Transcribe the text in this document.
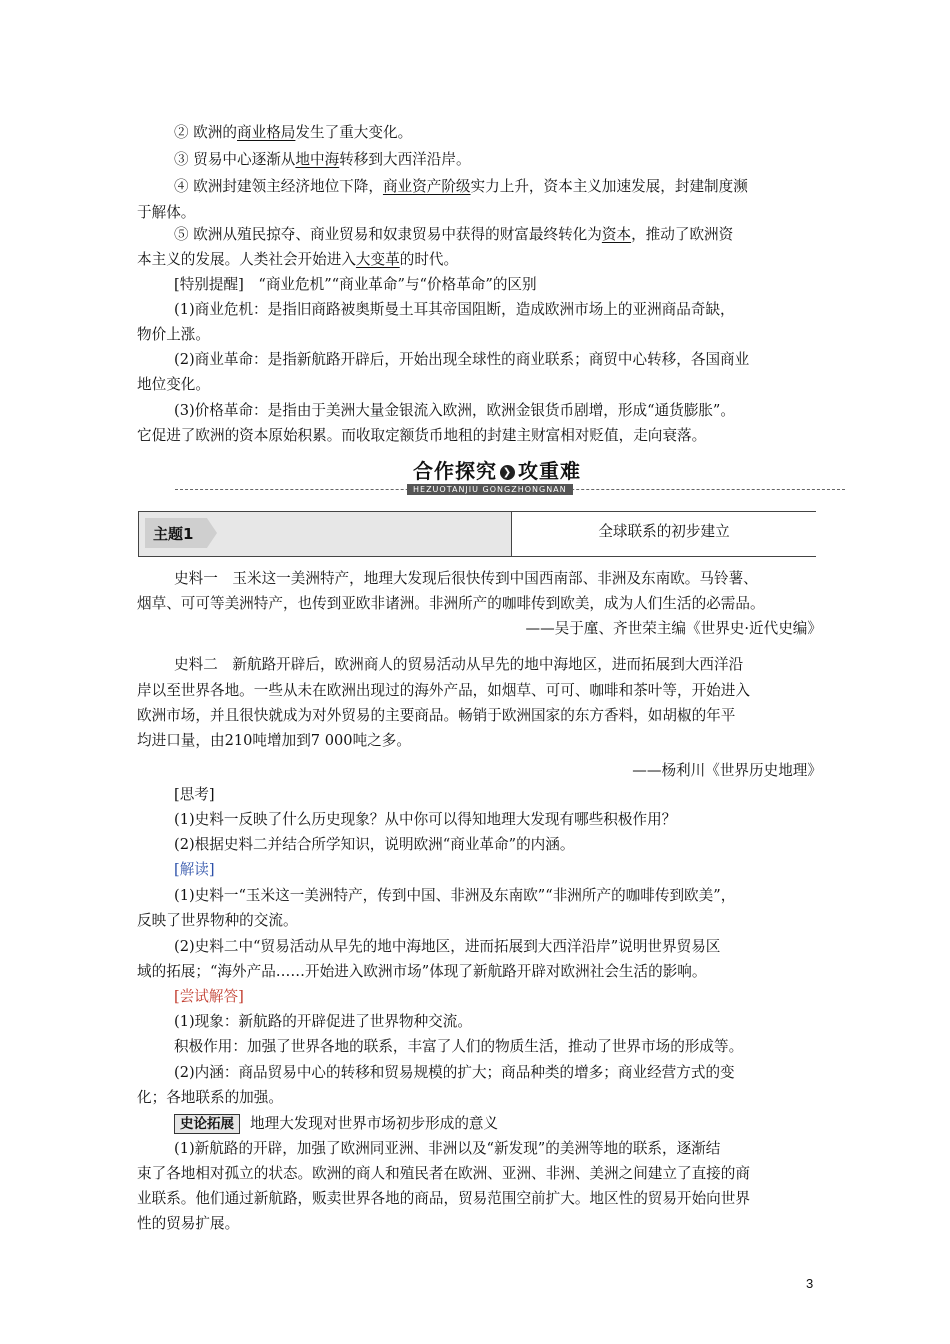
② 欧洲的商业格局发生了重大变化。
③ 贸易中心逐渐从地中海转移到大西洋沿岸。
④ 欧洲封建领主经济地位下降，商业资产阶级实力上升，资本主义加速发展，封建制度濒
于解体。
⑤ 欧洲从殖民掠夺、商业贸易和奴隶贸易中获得的财富最终转化为资本，推动了欧洲资
本主义的发展。人类社会开始进入大变革的时代。
[特别提醒]　“商业危机”“商业革命”与“价格革命”的区别
(1)商业危机：是指旧商路被奥斯曼土耳其帝国阻断，造成欧洲市场上的亚洲商品奇缺，
物价上涨。
(2)商业革命：是指新航路开辟后，开始出现全球性的商业联系；商贸中心转移，各国商业
地位变化。
(3)价格革命：是指由于美洲大量金银流入欧洲，欧洲金银货币剧增，形成“通货膨胀”。
它促进了欧洲的资本原始积累。而收取定额货币地租的封建主财富相对贬值，走向衰落。
合作探究 ❯ 攻重难
HEZUOTANJIU GONGZHONGNAN
主题1	全球联系的初步建立
史料一　玉米这一美洲特产，地理大发现后很快传到中国西南部、非洲及东南欧。马铃薯、
烟草、可可等美洲特产，也传到亚欧非诸洲。非洲所产的咖啡传到欧美，成为人们生活的必需品。
——吴于廑、齐世荣主编《世界史·近代史编》
史料二　新航路开辟后，欧洲商人的贸易活动从早先的地中海地区，进而拓展到大西洋沿
岸以至世界各地。一些从未在欧洲出现过的海外产品，如烟草、可可、咖啡和茶叶等，开始进入
欧洲市场，并且很快就成为对外贸易的主要商品。畅销于欧洲国家的东方香料，如胡椒的年平
均进口量，由210吨增加到7 000吨之多。
——杨利川《世界历史地理》
[思考]
(1)史料一反映了什么历史现象？从中你可以得知地理大发现有哪些积极作用？
(2)根据史料二并结合所学知识，说明欧洲“商业革命”的内涵。
[解读]
(1)史料一“玉米这一美洲特产，传到中国、非洲及东南欧”“非洲所产的咖啡传到欧美”，
反映了世界物种的交流。
(2)史料二中“贸易活动从早先的地中海地区，进而拓展到大西洋沿岸”说明世界贸易区
域的拓展；“海外产品……开始进入欧洲市场”体现了新航路开辟对欧洲社会生活的影响。
[尝试解答]
(1)现象：新航路的开辟促进了世界物种交流。
积极作用：加强了世界各地的联系，丰富了人们的物质生活，推动了世界市场的形成等。
(2)内涵：商品贸易中心的转移和贸易规模的扩大；商品种类的增多；商业经营方式的变
化；各地联系的加强。
史论拓展 地理大发现对世界市场初步形成的意义
(1)新航路的开辟，加强了欧洲同亚洲、非洲以及“新发现”的美洲等地的联系，逐渐结
束了各地相对孤立的状态。欧洲的商人和殖民者在欧洲、亚洲、非洲、美洲之间建立了直接的商
业联系。他们通过新航路，贩卖世界各地的商品，贸易范围空前扩大。地区性的贸易开始向世界
性的贸易扩展。
3
